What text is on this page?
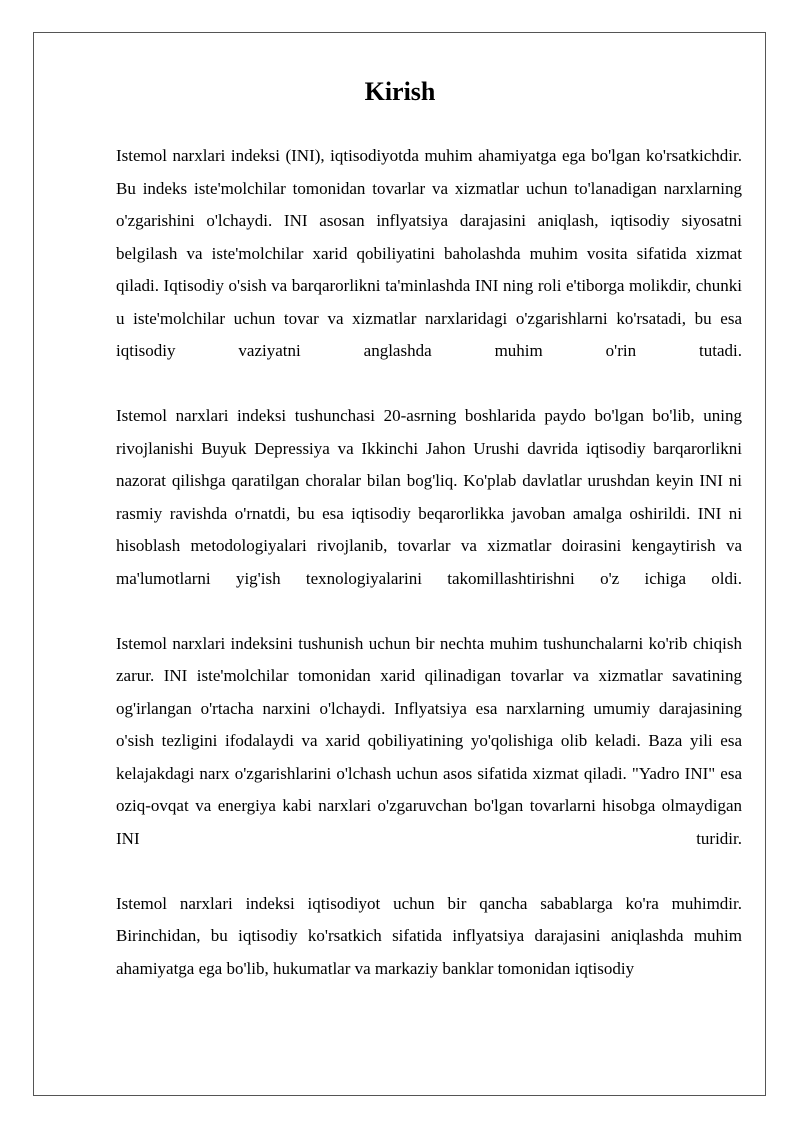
Kirish

Istemol narxlari indeksi (INI), iqtisodiyotda muhim ahamiyatga ega bo'lgan ko'rsatkichdir. Bu indeks iste'molchilar tomonidan tovarlar va xizmatlar uchun to'lanadigan narxlarning o'zgarishini o'lchaydi. INI asosan inflyatsiya darajasini aniqlash, iqtisodiy siyosatni belgilash va iste'molchilar xarid qobiliyatini baholashda muhim vosita sifatida xizmat qiladi. Iqtisodiy o'sish va barqarorlikni ta'minlashda INI ning roli e'tiborga molikdir, chunki u iste'molchilar uchun tovar va xizmatlar narxlaridagi o'zgarishlarni ko'rsatadi, bu esa iqtisodiy vaziyatni anglashda muhim o'rin tutadi.

Istemol narxlari indeksi tushunchasi 20-asrning boshlarida paydo bo'lgan bo'lib, uning rivojlanishi Buyuk Depressiya va Ikkinchi Jahon Urushi davrida iqtisodiy barqarorlikni nazorat qilishga qaratilgan choralar bilan bog'liq. Ko'plab davlatlar urushdan keyin INI ni rasmiy ravishda o'rnatdi, bu esa iqtisodiy beqarorlikka javoban amalga oshirildi. INI ni hisoblash metodologiyalari rivojlanib, tovarlar va xizmatlar doirasini kengaytirish va ma'lumotlarni yig'ish texnologiyalarini takomillashtirishni o'z ichiga oldi.

Istemol narxlari indeksini tushunish uchun bir nechta muhim tushunchalarni ko'rib chiqish zarur. INI iste'molchilar tomonidan xarid qilinadigan tovarlar va xizmatlar savatining og'irlangan o'rtacha narxini o'lchaydi. Inflyatsiya esa narxlarning umumiy darajasining o'sish tezligini ifodalaydi va xarid qobiliyatining yo'qolishiga olib keladi. Baza yili esa kelajakdagi narx o'zgarishlarini o'lchash uchun asos sifatida xizmat qiladi. "Yadro INI" esa oziq-ovqat va energiya kabi narxlari o'zgaruvchan bo'lgan tovarlarni hisobga olmaydigan INI turidir.

Istemol narxlari indeksi iqtisodiyot uchun bir qancha sabablarga ko'ra muhimdir. Birinchidan, bu iqtisodiy ko'rsatkich sifatida inflyatsiya darajasini aniqlashda muhim ahamiyatga ega bo'lib, hukumatlar va markaziy banklar tomonidan iqtisodiy
